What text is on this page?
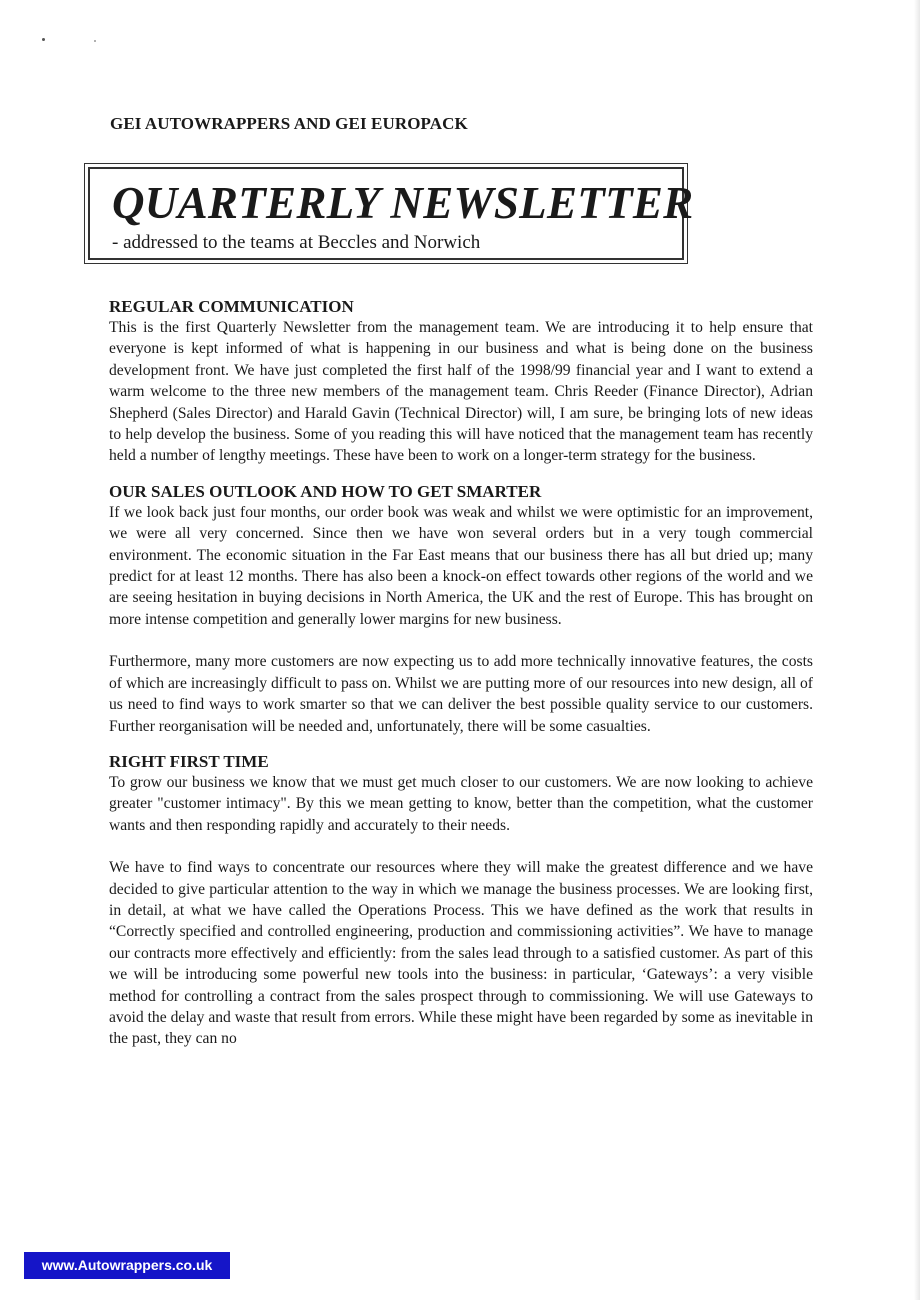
GEI AUTOWRAPPERS AND GEI EUROPACK
QUARTERLY NEWSLETTER
- addressed to the teams at Beccles and Norwich
REGULAR COMMUNICATION

This is the first Quarterly Newsletter from the management team. We are introducing it to help ensure that everyone is kept informed of what is happening in our business and what is being done on the business development front. We have just completed the first half of the 1998/99 financial year and I want to extend a warm welcome to the three new members of the management team. Chris Reeder (Finance Director), Adrian Shepherd (Sales Director) and Harald Gavin (Technical Director) will, I am sure, be bringing lots of new ideas to help develop the business. Some of you reading this will have noticed that the management team has recently held a number of lengthy meetings. These have been to work on a longer-term strategy for the business.

OUR SALES OUTLOOK AND HOW TO GET SMARTER

If we look back just four months, our order book was weak and whilst we were optimistic for an improvement, we were all very concerned. Since then we have won several orders but in a very tough commercial environment. The economic situation in the Far East means that our business there has all but dried up; many predict for at least 12 months. There has also been a knock-on effect towards other regions of the world and we are seeing hesitation in buying decisions in North America, the UK and the rest of Europe. This has brought on more intense competition and generally lower margins for new business.

Furthermore, many more customers are now expecting us to add more technically innovative features, the costs of which are increasingly difficult to pass on. Whilst we are putting more of our resources into new design, all of us need to find ways to work smarter so that we can deliver the best possible quality service to our customers. Further reorganisation will be needed and, unfortunately, there will be some casualties.

RIGHT FIRST TIME

To grow our business we know that we must get much closer to our customers. We are now looking to achieve greater "customer intimacy". By this we mean getting to know, better than the competition, what the customer wants and then responding rapidly and accurately to their needs.

We have to find ways to concentrate our resources where they will make the greatest difference and we have decided to give particular attention to the way in which we manage the business processes. We are looking first, in detail, at what we have called the Operations Process. This we have defined as the work that results in “Correctly specified and controlled engineering, production and commissioning activities”. We have to manage our contracts more effectively and efficiently: from the sales lead through to a satisfied customer. As part of this we will be introducing some powerful new tools into the business: in particular, ‘Gateways’: a very visible method for controlling a contract from the sales prospect through to commissioning. We will use Gateways to avoid the delay and waste that result from errors. While these might have been regarded by some as inevitable in the past, they can no

www.Autowrappers.co.uk
